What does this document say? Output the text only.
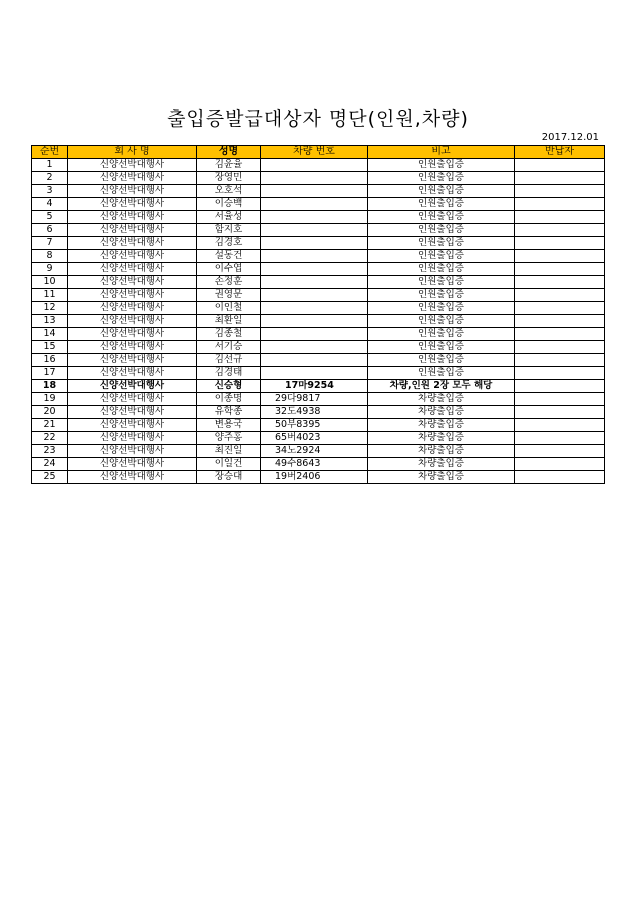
출입증발급대상자 명단(인원,차량)
2017.12.01
순번	회 사 명	성명	차량 번호	비고	반납자
1	신양선박대행사	김윤율		인원출입증	
2	신양선박대행사	장영민		인원출입증	
3	신양선박대행사	오호석		인원출입증	
4	신양선박대행사	이승백		인원출입증	
5	신양선박대행사	서율성		인원출입증	
6	신양선박대행사	함지호		인원출입증	
7	신양선박대행사	김경호		인원출입증	
8	신양선박대행사	설동건		인원출입증	
9	신양선박대행사	이수엽		인원출입증	
10	신양선박대행사	손정훈		인원출입증	
11	신양선박대행사	권영문		인원출입증	
12	신양선박대행사	이인철		인원출입증	
13	신양선박대행사	최환일		인원출입증	
14	신양선박대행사	김종철		인원출입증	
15	신양선박대행사	서기승		인원출입증	
16	신양선박대행사	김선규		인원출입증	
17	신양선박대행사	김경태		인원출입증	
18	신양선박대행사	신승형	17마9254	차량,인원 2장 모두 해당	
19	신양선박대행사	이종명	29다9817	차량출입증	
20	신양선박대행사	유학종	32도4938	차량출입증	
21	신양선박대행사	변용국	50부8395	차량출입증	
22	신양선박대행사	양주홍	65버4023	차량출입증	
23	신양선박대행사	최진일	34노2924	차량출입증	
24	신양선박대행사	이일건	49수8643	차량출입증	
25	신양선박대행사	장승대	19버2406	차량출입증	
